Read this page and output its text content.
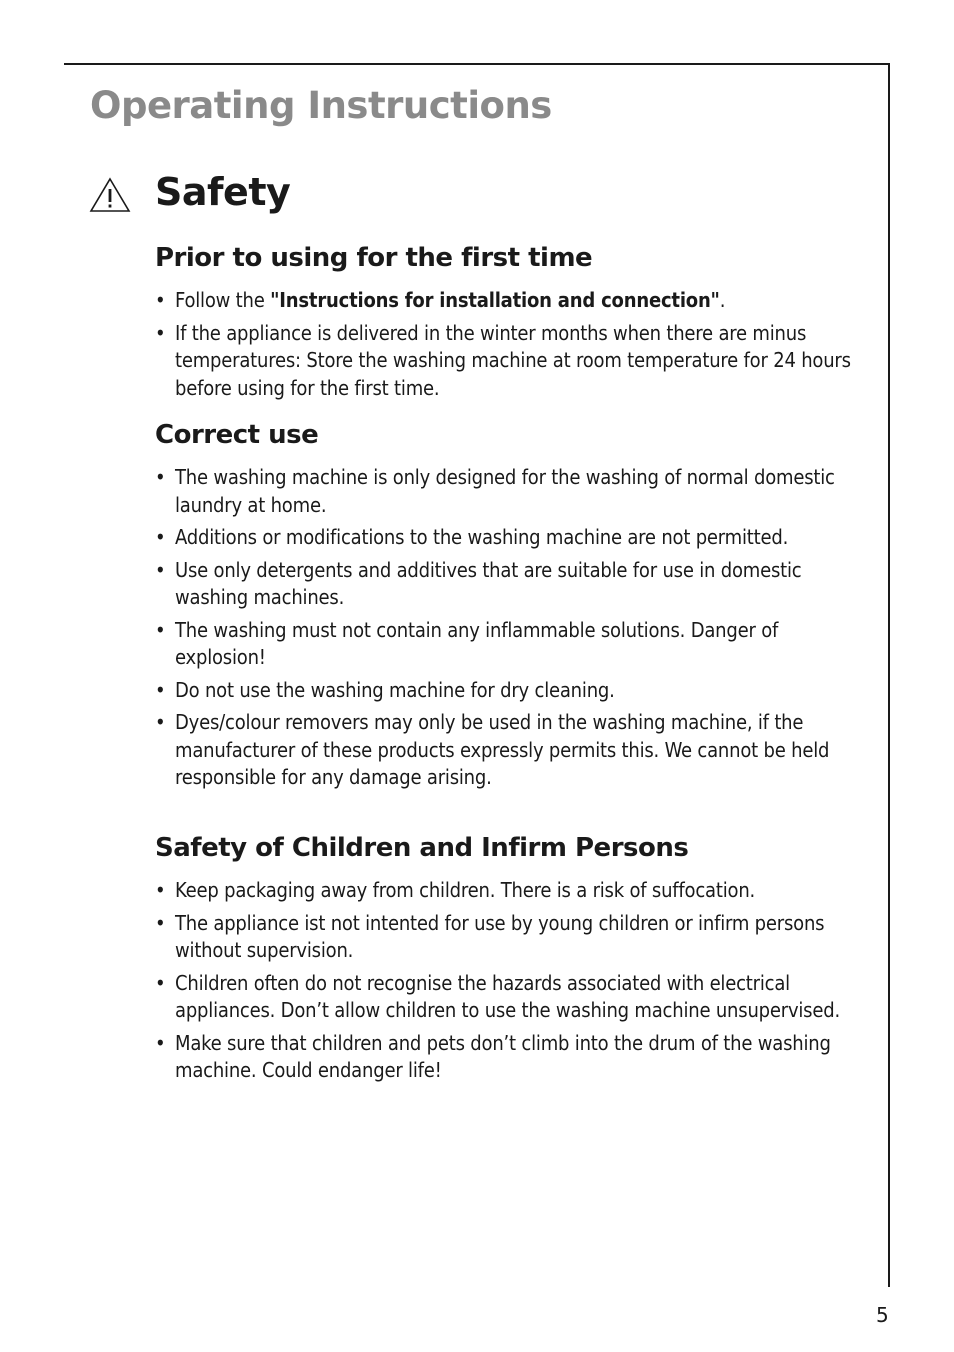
Operating Instructions
Safety
Prior to using for the first time
• Follow the "Instructions for installation and connection".
• If the appliance is delivered in the winter months when there are minus temperatures: Store the washing machine at room temperature for 24 hours before using for the first time.
Correct use
• The washing machine is only designed for the washing of normal domestic laundry at home.
• Additions or modifications to the washing machine are not permitted.
• Use only detergents and additives that are suitable for use in domestic washing machines.
• The washing must not contain any inflammable solutions. Danger of explosion!
• Do not use the washing machine for dry cleaning.
• Dyes/colour removers may only be used in the washing machine, if the manufacturer of these products expressly permits this. We cannot be held responsible for any damage arising.
Safety of Children and Infirm Persons
• Keep packaging away from children. There is a risk of suffocation.
• The appliance ist not intented for use by young children or infirm persons without supervision.
• Children often do not recognise the hazards associated with electrical appliances. Don’t allow children to use the washing machine unsupervised.
• Make sure that children and pets don’t climb into the drum of the washing machine. Could endanger life!

5
